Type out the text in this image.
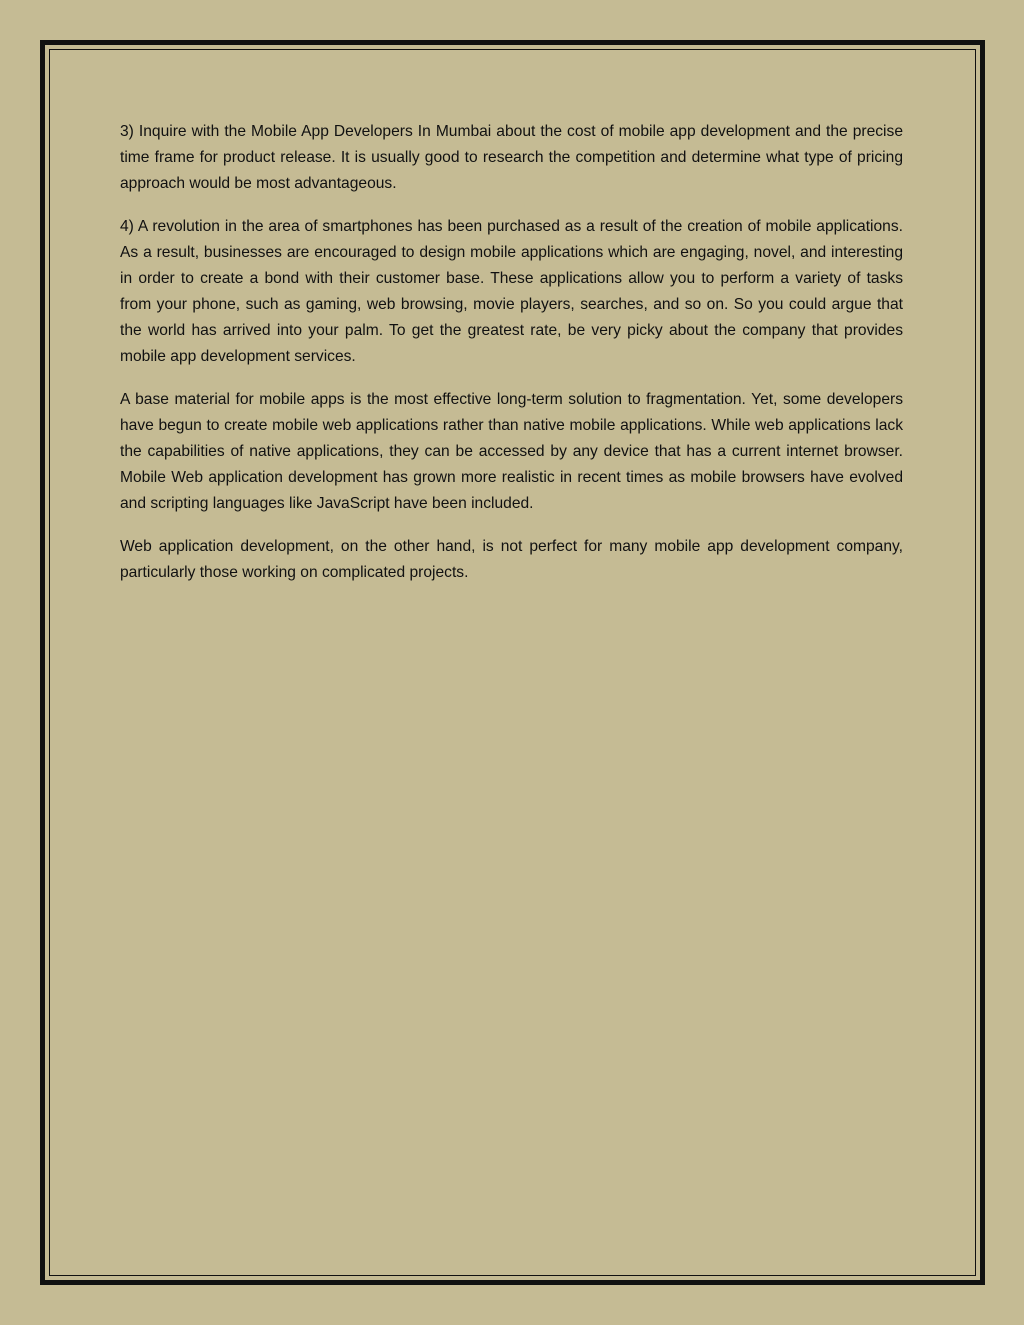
3) Inquire with the Mobile App Developers In Mumbai about the cost of mobile app development and the precise time frame for product release. It is usually good to research the competition and determine what type of pricing approach would be most advantageous.

4) A revolution in the area of smartphones has been purchased as a result of the creation of mobile applications. As a result, businesses are encouraged to design mobile applications which are engaging, novel, and interesting in order to create a bond with their customer base. These applications allow you to perform a variety of tasks from your phone, such as gaming, web browsing, movie players, searches, and so on. So you could argue that the world has arrived into your palm. To get the greatest rate, be very picky about the company that provides mobile app development services.

A base material for mobile apps is the most effective long-term solution to fragmentation. Yet, some developers have begun to create mobile web applications rather than native mobile applications. While web applications lack the capabilities of native applications, they can be accessed by any device that has a current internet browser. Mobile Web application development has grown more realistic in recent times as mobile browsers have evolved and scripting languages like JavaScript have been included.

Web application development, on the other hand, is not perfect for many mobile app development company, particularly those working on complicated projects.
